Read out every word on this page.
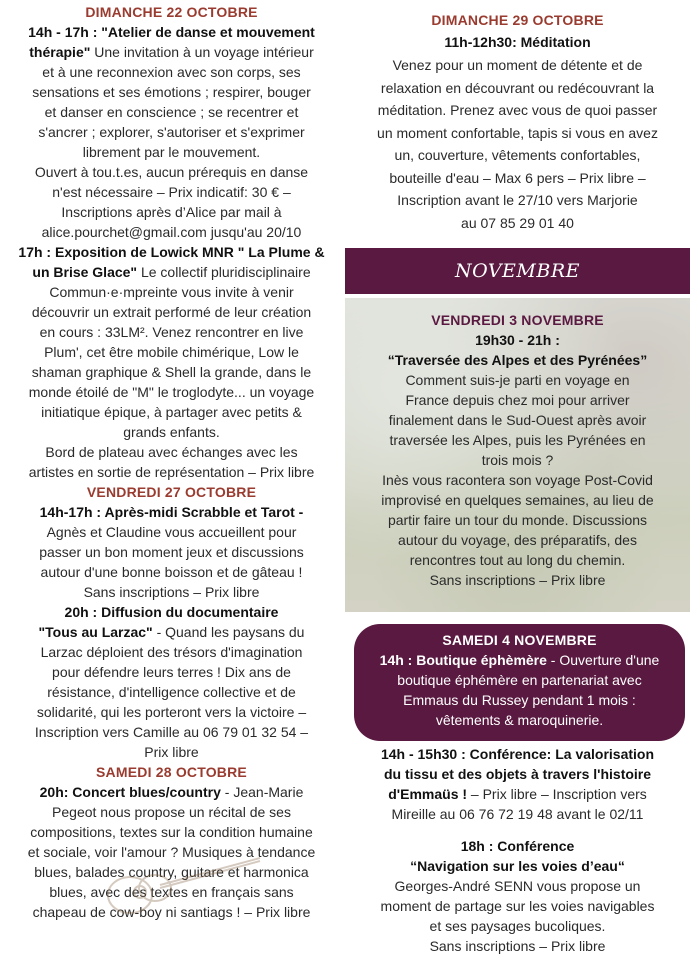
DIMANCHE 22 OCTOBRE
14h - 17h : "Atelier de danse et mouvement
thérapie" Une invitation à un voyage intérieur
et à une reconnexion avec son corps, ses
sensations et ses émotions ; respirer, bouger
et danser en conscience ; se recentrer et
s'ancrer ; explorer, s'autoriser et s'exprimer
librement par le mouvement.
Ouvert à tou.t.es, aucun prérequis en danse
n'est nécessaire – Prix indicatif: 30 € –
Inscriptions après d’Alice par mail à
alice.pourchet@gmail.com jusqu'au 20/10
17h : Exposition de Lowick MNR " La Plume &
un Brise Glace" Le collectif pluridisciplinaire
Commun·e·mpreinte vous invite à venir
découvrir un extrait performé de leur création
en cours : 33LM². Venez rencontrer en live
Plum', cet être mobile chimérique, Low le
shaman graphique & Shell la grande, dans le
monde étoilé de "M" le troglodyte... un voyage
initiatique épique, à partager avec petits &
grands enfants.
Bord de plateau avec échanges avec les
artistes en sortie de représentation – Prix libre
VENDREDI 27 OCTOBRE
14h-17h : Après-midi Scrabble et Tarot -
Agnès et Claudine vous accueillent pour
passer un bon moment jeux et discussions
autour d'une bonne boisson et de gâteau !
Sans inscriptions – Prix libre
20h : Diffusion du documentaire
"Tous au Larzac" - Quand les paysans du
Larzac déploient des trésors d'imagination
pour défendre leurs terres ! Dix ans de
résistance, d'intelligence collective et de
solidarité, qui les porteront vers la victoire –
Inscription vers Camille au 06 79 01 32 54 –
Prix libre
SAMEDI 28 OCTOBRE
20h: Concert blues/country - Jean-Marie
Pegeot nous propose un récital de ses
compositions, textes sur la condition humaine
et sociale, voir l'amour ? Musiques à tendance
blues, balades country, guitare et harmonica
blues, avec des textes en français sans
chapeau de cow-boy ni santiags ! – Prix libre
DIMANCHE 29 OCTOBRE
11h-12h30: Méditation
Venez pour un moment de détente et de
relaxation en découvrant ou redécouvrant la
méditation. Prenez avec vous de quoi passer
un moment confortable, tapis si vous en avez
un, couverture, vêtements confortables,
bouteille d'eau – Max 6 pers – Prix libre –
Inscription avant le 27/10 vers Marjorie
au 07 85 29 01 40
NOVEMBRE
VENDREDI 3 NOVEMBRE
19h30 - 21h :
“Traversée des Alpes et des Pyrénées”
Comment suis-je parti en voyage en
France depuis chez moi pour arriver
finalement dans le Sud-Ouest après avoir
traversée les Alpes, puis les Pyrénées en
trois mois ?
Inès vous racontera son voyage Post-Covid
improvisé en quelques semaines, au lieu de
partir faire un tour du monde. Discussions
autour du voyage, des préparatifs, des
rencontres tout au long du chemin.
Sans inscriptions – Prix libre
SAMEDI 4 NOVEMBRE
14h : Boutique éphèmère - Ouverture d'une
boutique éphémère en partenariat avec
Emmaus du Russey pendant 1 mois :
vêtements & maroquinerie.
14h - 15h30 : Conférence: La valorisation
du tissu et des objets à travers l'histoire
d'Emmaüs ! – Prix libre – Inscription vers
Mireille au 06 76 72 19 48 avant le 02/11
18h : Conférence
“Navigation sur les voies d’eau“
Georges-André SENN vous propose un
moment de partage sur les voies navigables
et ses paysages bucoliques.
Sans inscriptions – Prix libre
